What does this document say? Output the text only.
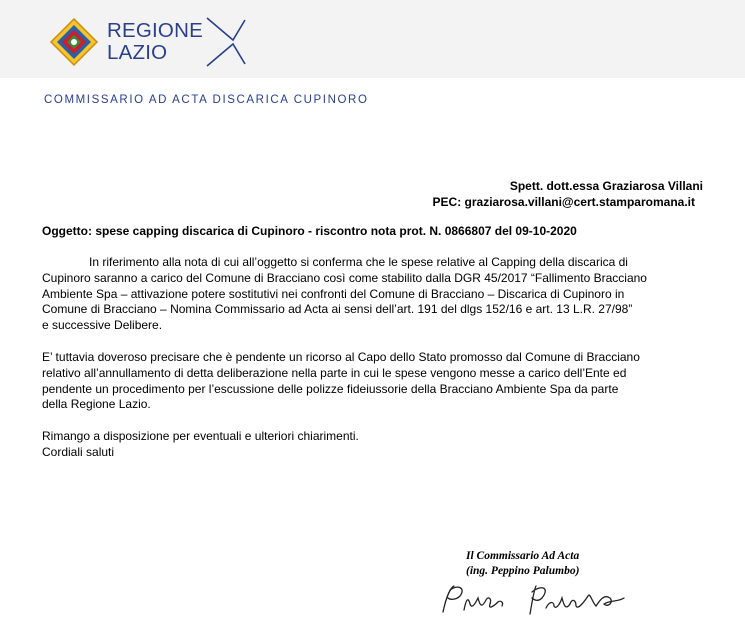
REGIONE
LAZIO
COMMISSARIO AD ACTA DISCARICA CUPINORO
Spett. dott.essa Graziarosa Villani
PEC: graziarosa.villani@cert.stamparomana.it
Oggetto: spese capping discarica di Cupinoro - riscontro nota prot. N. 0866807 del 09-10-2020

In riferimento alla nota di cui all’oggetto si conferma che le spese relative al Capping della discarica di
Cupinoro saranno a carico del Comune di Bracciano così come stabilito dalla DGR 45/2017 “Fallimento Bracciano
Ambiente Spa – attivazione potere sostitutivi nei confronti del Comune di Bracciano – Discarica di Cupinoro in
Comune di Bracciano – Nomina Commissario ad Acta ai sensi dell’art. 191 del dlgs 152/16 e art. 13 L.R. 27/98”
e successive Delibere.

E’ tuttavia doveroso precisare che è pendente un ricorso al Capo dello Stato promosso dal Comune di Bracciano
relativo all’annullamento di detta deliberazione nella parte in cui le spese vengono messe a carico dell’Ente ed
pendente un procedimento per l’escussione delle polizze fideiussorie della Bracciano Ambiente Spa da parte
della Regione Lazio.

Rimango a disposizione per eventuali e ulteriori chiarimenti.
Cordiali saluti

Il Commissario Ad Acta
(ing. Peppino Palumbo)
